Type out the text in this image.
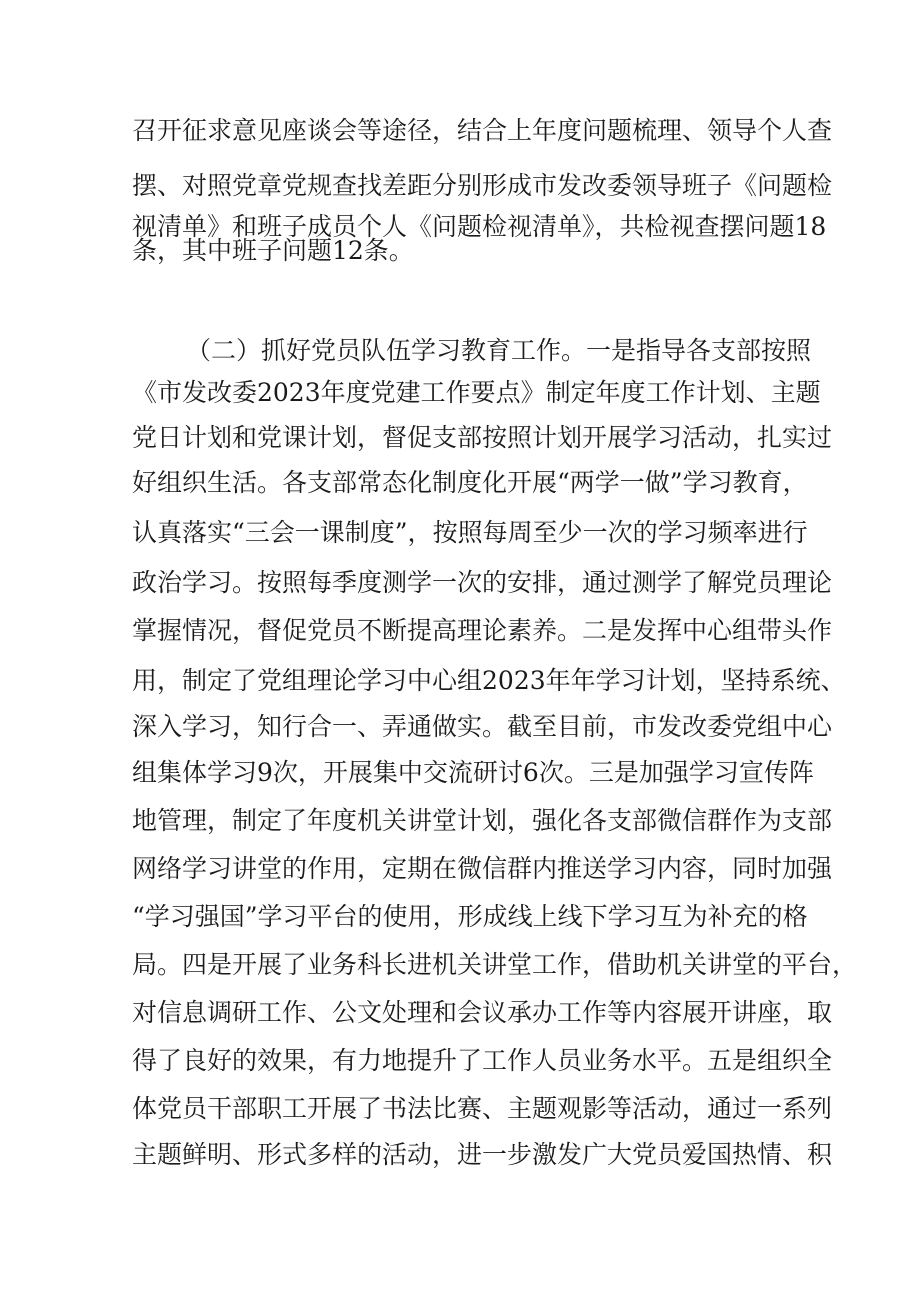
召开征求意见座谈会等途径，结合上年度问题梳理、领导个人查
摆、对照党章党规查找差距分别形成市发改委领导班子《问题检
视清单》和班子成员个人《问题检视清单》，共检视查摆问题18
条，其中班子问题12条。
（二）抓好党员队伍学习教育工作。一是指导各支部按照
《市发改委2023年度党建工作要点》制定年度工作计划、主题
党日计划和党课计划，督促支部按照计划开展学习活动，扎实过
好组织生活。各支部常态化制度化开展“两学一做”学习教育，
认真落实“三会一课制度”，按照每周至少一次的学习频率进行
政治学习。按照每季度测学一次的安排，通过测学了解党员理论
掌握情况，督促党员不断提高理论素养。二是发挥中心组带头作
用，制定了党组理论学习中心组2023年年学习计划，坚持系统、
深入学习，知行合一、弄通做实。截至目前，市发改委党组中心
组集体学习9次，开展集中交流研讨6次。三是加强学习宣传阵
地管理，制定了年度机关讲堂计划，强化各支部微信群作为支部
网络学习讲堂的作用，定期在微信群内推送学习内容，同时加强
“学习强国”学习平台的使用，形成线上线下学习互为补充的格
局。四是开展了业务科长进机关讲堂工作，借助机关讲堂的平台，
对信息调研工作、公文处理和会议承办工作等内容展开讲座，取
得了良好的效果，有力地提升了工作人员业务水平。五是组织全
体党员干部职工开展了书法比赛、主题观影等活动，通过一系列
主题鲜明、形式多样的活动，进一步激发广大党员爱国热情、积
